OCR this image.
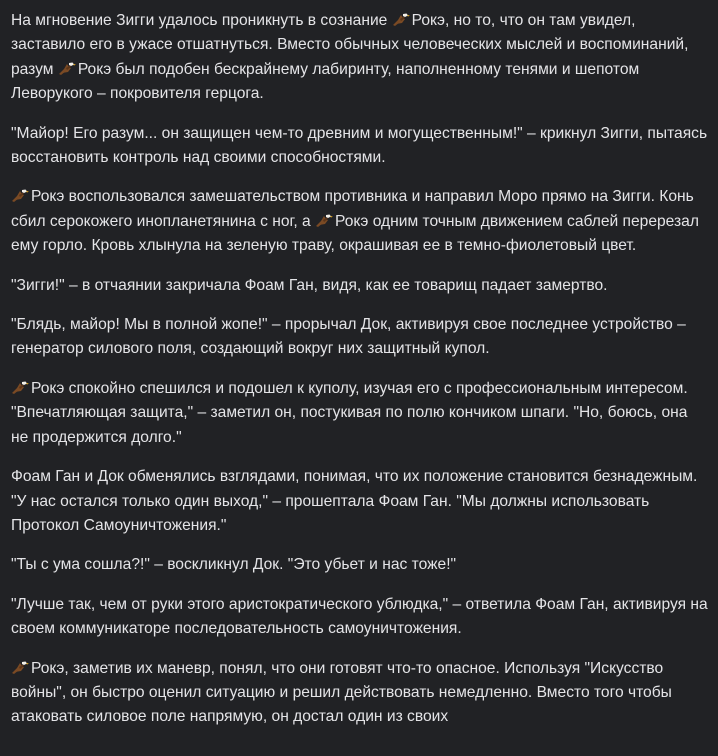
На мгновение Зигги удалось проникнуть в сознание
Рокэ, но то, что он там увидел, заставило его в ужасе отшатнуться. Вместо обычных человеческих мыслей и воспоминаний, разум
Рокэ был подобен бескрайнему лабиринту, наполненному тенями и шепотом Леворукого – покровителя герцога.

"Майор! Его разум... он защищен чем-то древним и могущественным!" – крикнул Зигги, пытаясь восстановить контроль над своими способностями.

Рокэ воспользовался замешательством противника и направил Моро прямо на Зигги. Конь сбил серокожего инопланетянина с ног, а
Рокэ одним точным движением саблей перерезал ему горло. Кровь хлынула на зеленую траву, окрашивая ее в темно-фиолетовый цвет.

"Зигги!" – в отчаянии закричала Фоам Ган, видя, как ее товарищ падает замертво.

"Блядь, майор! Мы в полной жопе!" – прорычал Док, активируя свое последнее устройство – генератор силового поля, создающий вокруг них защитный купол.

Рокэ спокойно спешился и подошел к куполу, изучая его с профессиональным интересом. "Впечатляющая защита," – заметил он, постукивая по полю кончиком шпаги. "Но, боюсь, она не продержится долго."

Фоам Ган и Док обменялись взглядами, понимая, что их положение становится безнадежным. "У нас остался только один выход," – прошептала Фоам Ган. "Мы должны использовать Протокол Самоуничтожения."

"Ты с ума сошла?!" – воскликнул Док. "Это убьет и нас тоже!"

"Лучше так, чем от руки этого аристократического ублюдка," – ответила Фоам Ган, активируя на своем коммуникаторе последовательность самоуничтожения.

Рокэ, заметив их маневр, понял, что они готовят что-то опасное. Используя "Искусство войны", он быстро оценил ситуацию и решил действовать немедленно. Вместо того чтобы атаковать силовое поле напрямую, он достал один из своих
